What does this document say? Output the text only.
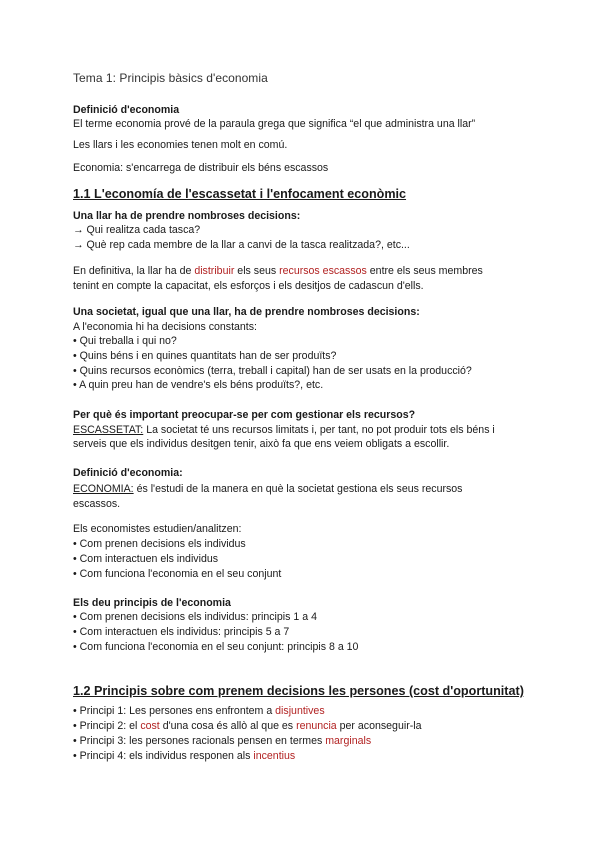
Tema 1: Principis bàsics d'economia
Definició d'economia
El terme economia prové de la paraula grega que significa “el que administra una llar”
Les llars i les economies tenen molt en comú.
Economia: s'encarrega de distribuir els béns escassos
1.1 L'economía de l'escassetat i l'enfocament econòmic
Una llar ha de prendre nombroses decisions:
→ Qui realitza cada tasca?
→ Què rep cada membre de la llar a canvi de la tasca realitzada?, etc...
En definitiva, la llar ha de distribuir els seus recursos escassos entre els seus membres
tenint en compte la capacitat, els esforços i els desitjos de cadascun d'ells.
Una societat, igual que una llar, ha de prendre nombroses decisions:
A l'economia hi ha decisions constants:
• Qui treballa i qui no?
• Quins béns i en quines quantitats han de ser produïts?
• Quins recursos econòmics (terra, treball i capital) han de ser usats en la producció?
• A quin preu han de vendre's els béns produïts?, etc.
Per què és important preocupar-se per com gestionar els recursos?
ESCASSETAT: La societat té uns recursos limitats i, per tant, no pot produir tots els béns i
serveis que els individus desitgen tenir, això fa que ens veiem obligats a escollir.
Definició d'economia:
ECONOMIA: és l'estudi de la manera en què la societat gestiona els seus recursos
escassos.
Els economistes estudien/analitzen:
• Com prenen decisions els individus
• Com interactuen els individus
• Com funciona l'economia en el seu conjunt
Els deu principis de l'economia
• Com prenen decisions els individus: principis 1 a 4
• Com interactuen els individus: principis 5 a 7
• Com funciona l'economia en el seu conjunt: principis 8 a 10
1.2 Principis sobre com prenem decisions les persones (cost d'oportunitat)
• Principi 1: Les persones ens enfrontem a disjuntives
• Principi 2: el cost d'una cosa és allò al que es renuncia per aconseguir-la
• Principi 3: les persones racionals pensen en termes marginals
• Principi 4: els individus responen als incentius
